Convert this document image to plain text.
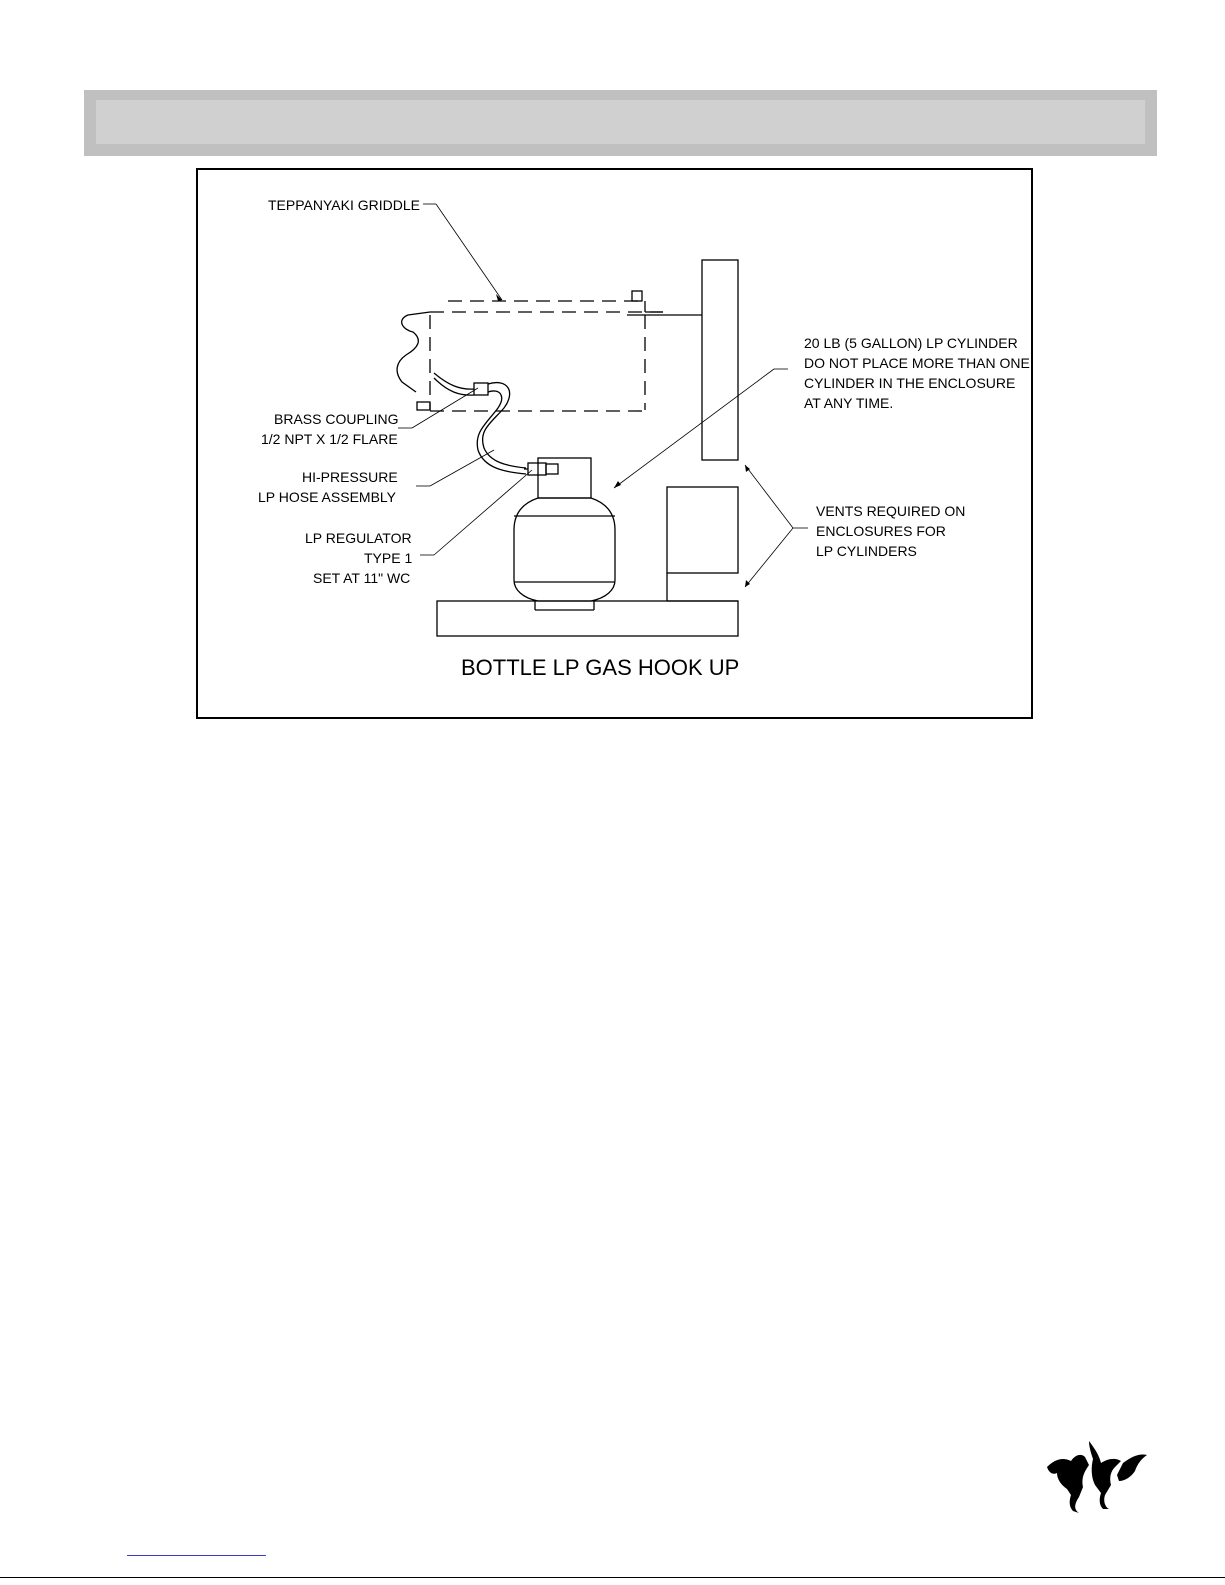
TEPPANYAKI GRIDDLE
BRASS COUPLING
1/2 NPT X 1/2 FLARE
HI-PRESSURE
LP HOSE ASSEMBLY
LP REGULATOR
TYPE 1
SET AT 11" WC
20 LB (5 GALLON) LP CYLINDER
DO NOT PLACE MORE THAN ONE
CYLINDER IN THE ENCLOSURE
AT ANY TIME.
VENTS REQUIRED ON
ENCLOSURES FOR
LP CYLINDERS
BOTTLE LP GAS HOOK UP
